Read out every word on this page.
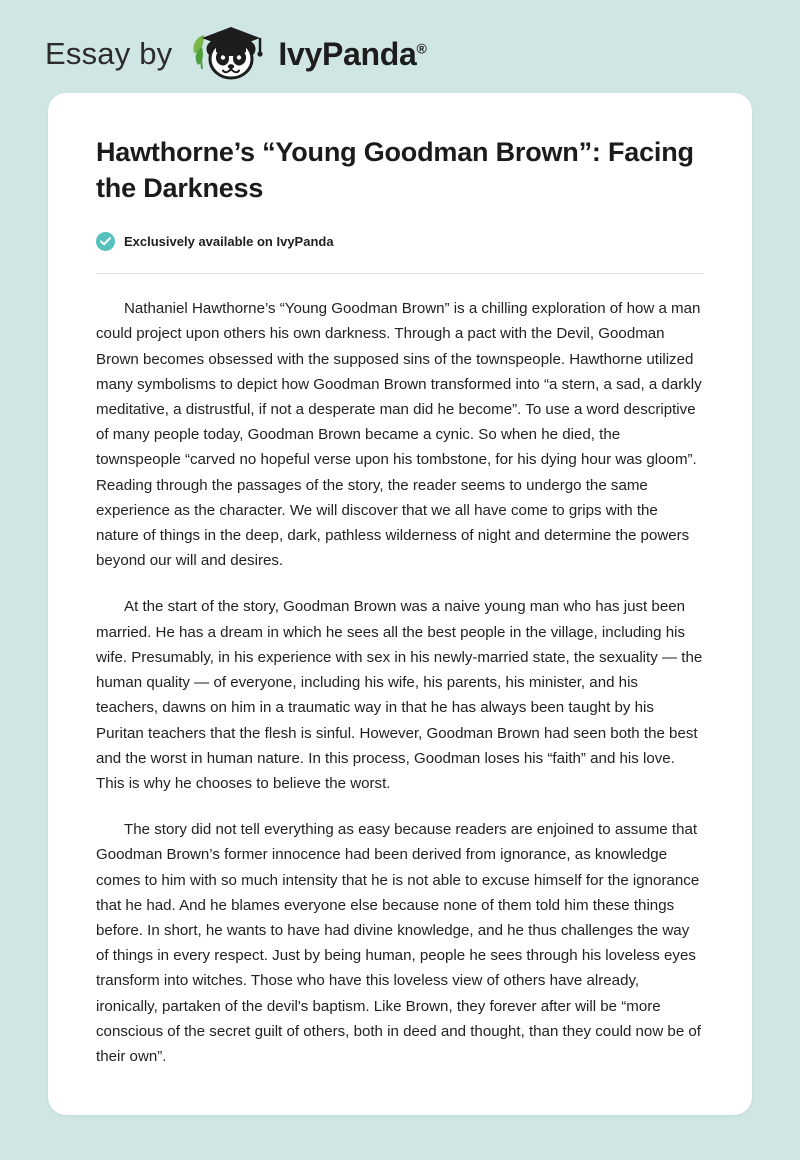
Essay by	IvyPanda®
Hawthorne’s “Young Goodman Brown”: Facing the Darkness
Exclusively available on IvyPanda

Nathaniel Hawthorne’s “Young Goodman Brown” is a chilling exploration of how a man could project upon others his own darkness. Through a pact with the Devil, Goodman Brown becomes obsessed with the supposed sins of the townspeople. Hawthorne utilized many symbolisms to depict how Goodman Brown transformed into “a stern, a sad, a darkly meditative, a distrustful, if not a desperate man did he become”. To use a word descriptive of many people today, Goodman Brown became a cynic. So when he died, the townspeople “carved no hopeful verse upon his tombstone, for his dying hour was gloom”. Reading through the passages of the story, the reader seems to undergo the same experience as the character. We will discover that we all have come to grips with the nature of things in the deep, dark, pathless wilderness of night and determine the powers beyond our will and desires.

At the start of the story, Goodman Brown was a naive young man who has just been married. He has a dream in which he sees all the best people in the village, including his wife. Presumably, in his experience with sex in his newly-married state, the sexuality — the human quality — of everyone, including his wife, his parents, his minister, and his teachers, dawns on him in a traumatic way in that he has always been taught by his Puritan teachers that the flesh is sinful. However, Goodman Brown had seen both the best and the worst in human nature. In this process, Goodman loses his “faith” and his love. This is why he chooses to believe the worst.

The story did not tell everything as easy because readers are enjoined to assume that Goodman Brown’s former innocence had been derived from ignorance, as knowledge comes to him with so much intensity that he is not able to excuse himself for the ignorance that he had. And he blames everyone else because none of them told him these things before. In short, he wants to have had divine knowledge, and he thus challenges the way of things in every respect. Just by being human, people he sees through his loveless eyes transform into witches. Those who have this loveless view of others have already, ironically, partaken of the devil's baptism. Like Brown, they forever after will be “more conscious of the secret guilt of others, both in deed and thought, than they could now be of their own”.
